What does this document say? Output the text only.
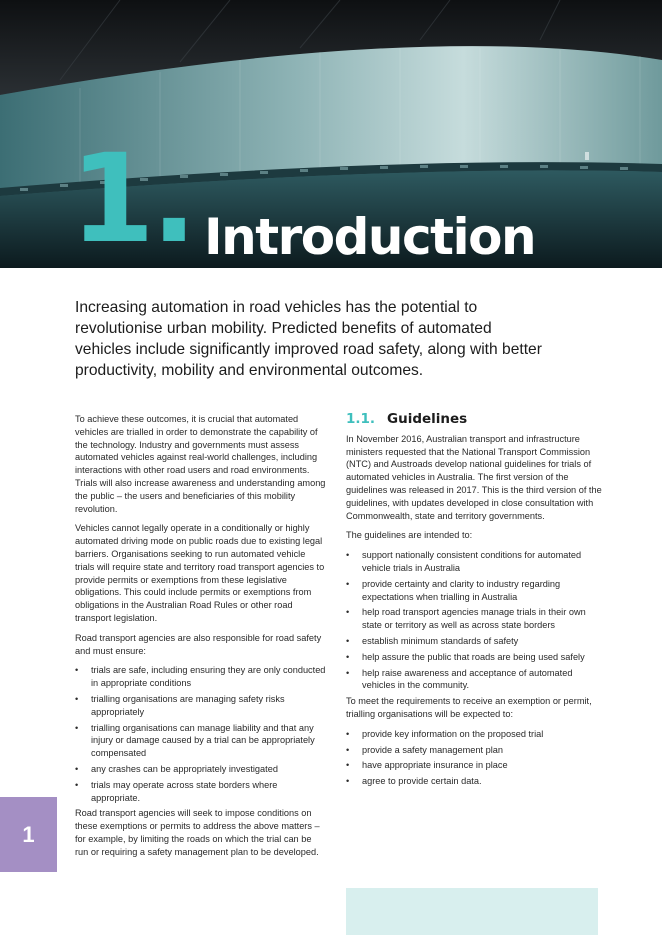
1. Introduction

Increasing automation in road vehicles has the potential to revolutionise urban mobility. Predicted benefits of automated vehicles include significantly improved road safety, along with better productivity, mobility and environmental outcomes.

To achieve these outcomes, it is crucial that automated vehicles are trialled in order to demonstrate the capability of the technology. Industry and governments must assess automated vehicles against real-world challenges, including interactions with other road users and road environments. Trials will also increase awareness and understanding among the public – the users and beneficiaries of this mobility revolution.

Vehicles cannot legally operate in a conditionally or highly automated driving mode on public roads due to existing legal barriers. Organisations seeking to run automated vehicle trials will require state and territory road transport agencies to provide permits or exemptions from these legislative obligations. This could include permits or exemptions from obligations in the Australian Road Rules or other road transport legislation.

Road transport agencies are also responsible for road safety and must ensure:

• trials are safe, including ensuring they are only conducted in appropriate conditions
• trialling organisations are managing safety risks appropriately
• trialling organisations can manage liability and that any injury or damage caused by a trial can be appropriately compensated
• any crashes can be appropriately investigated
• trials may operate across state borders where appropriate.

Road transport agencies will seek to impose conditions on these exemptions or permits to address the above matters – for example, by limiting the roads on which the trial can be run or requiring a safety management plan to be developed.

1.1. Guidelines

In November 2016, Australian transport and infrastructure ministers requested that the National Transport Commission (NTC) and Austroads develop national guidelines for trials of automated vehicles in Australia. The first version of the guidelines was released in 2017. This is the third version of the guidelines, with updates developed in close consultation with Commonwealth, state and territory governments.

The guidelines are intended to:

• support nationally consistent conditions for automated vehicle trials in Australia
• provide certainty and clarity to industry regarding expectations when trialling in Australia
• help road transport agencies manage trials in their own state or territory as well as across state borders
• establish minimum standards of safety
• help assure the public that roads are being used safely
• help raise awareness and acceptance of automated vehicles in the community.

To meet the requirements to receive an exemption or permit, trialling organisations will be expected to:

• provide key information on the proposed trial
• provide a safety management plan
• have appropriate insurance in place
• agree to provide certain data.
1
